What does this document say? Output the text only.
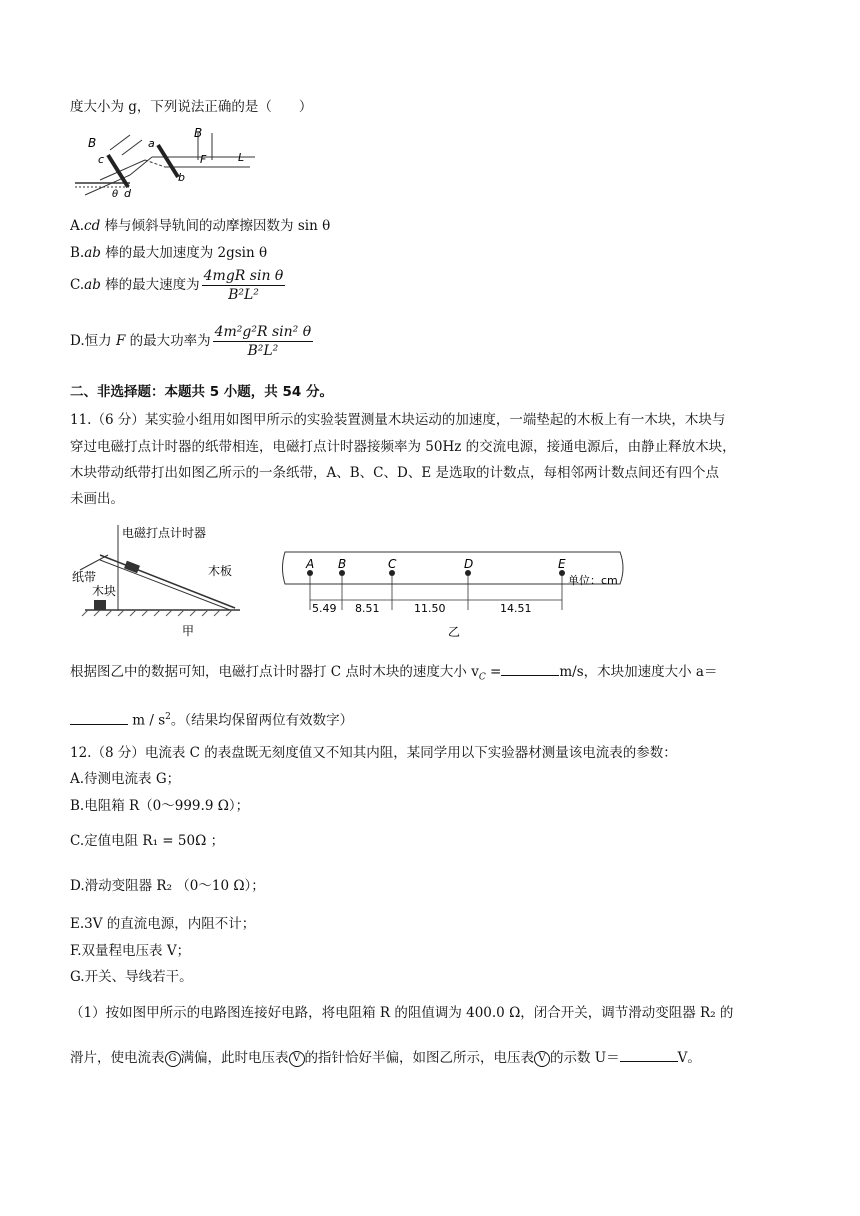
度大小为 g，下列说法正确的是（　　）
B
c
a
B
F
b
L
θ d
A.cd 棒与倾斜导轨间的动摩擦因数为 sin θ
B.ab 棒的最大加速度为 2gsin θ
C.ab 棒的最大速度为 $\frac{\text{4mgR sin θ}}{\text{B²L²}}$
D.恒力 F 的最大功率为 $\frac{\text{4m²g²R sin² θ}}{\text{B²L²}}$
二、非选择题：本题共 5 小题，共 54 分。
11.（6 分）某实验小组用如图甲所示的实验装置测量木块运动的加速度，一端垫起的木板上有一木块，木块与
穿过电磁打点计时器的纸带相连，电磁打点计时器接频率为 50Hz 的交流电源，接通电源后，由静止释放木块，
木块带动纸带打出如图乙所示的一条纸带，A、B、C、D、E 是选取的计数点，每相邻两计数点间还有四个点
未画出。
电磁打点计时器
纸带	木板
木块
甲
A B	C	D	E
单位：cm
5.49 8.51	11.50	14.51
乙
根据图乙中的数据可知，电磁打点计时器打 C 点时木块的速度大小 $v_C$ =	m/s，木块加速度大小 a＝
m / $s^2$。（结果均保留两位有效数字）
12.（8 分）电流表 C 的表盘既无刻度值又不知其内阻，某同学用以下实验器材测量该电流表的参数：
A.待测电流表 G；
B.电阻箱 R（0～999.9 Ω）；
C.定值电阻 R₁ = 50Ω ；
D.滑动变阻器 R₂ （0～10 Ω）；
E.3V 的直流电源，内阻不计；
F.双量程电压表 V；
G.开关、导线若干。
（1）按如图甲所示的电路图连接好电路，将电阻箱 R 的阻值调为 400.0 Ω，闭合开关，调节滑动变阻器 R₂ 的
滑片，使电流表 G 满偏，此时电压表 V 的指针恰好半偏，如图乙所示，电压表 V 的示数 U＝	V。
